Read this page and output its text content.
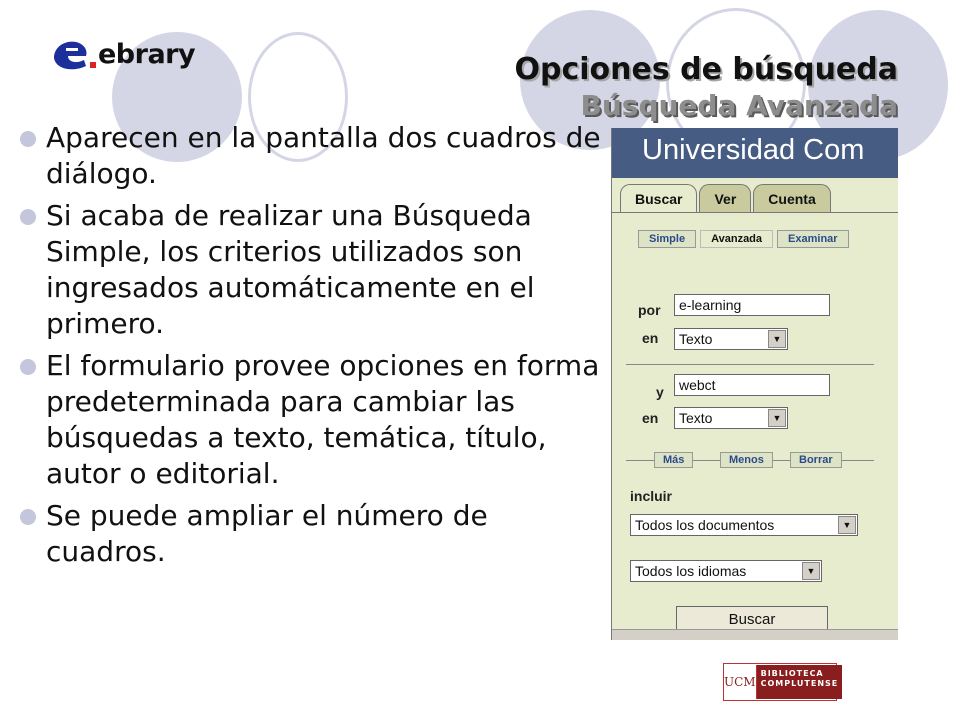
ebrary	Opciones de búsqueda
Búsqueda Avanzada
Aparecen en la pantalla dos cuadros de diálogo.
Si acaba de realizar una Búsqueda Simple, los criterios utilizados son ingresados automáticamente en el primero.
El formulario provee opciones en forma predeterminada para cambiar las búsquedas a texto, temática, título, autor o editorial.
Se puede ampliar el número de cuadros.
Universidad Com
Buscar	Ver	Cuenta
Simple	Avanzada	Examinar
por	e-learning
en	Texto	▼
y	webct
en	Texto	▼
Más	Menos	Borrar
incluir
Todos los documentos	▼
Todos los idiomas	▼
Buscar
UCM
BIBLIOTECA
COMPLUTENSE
